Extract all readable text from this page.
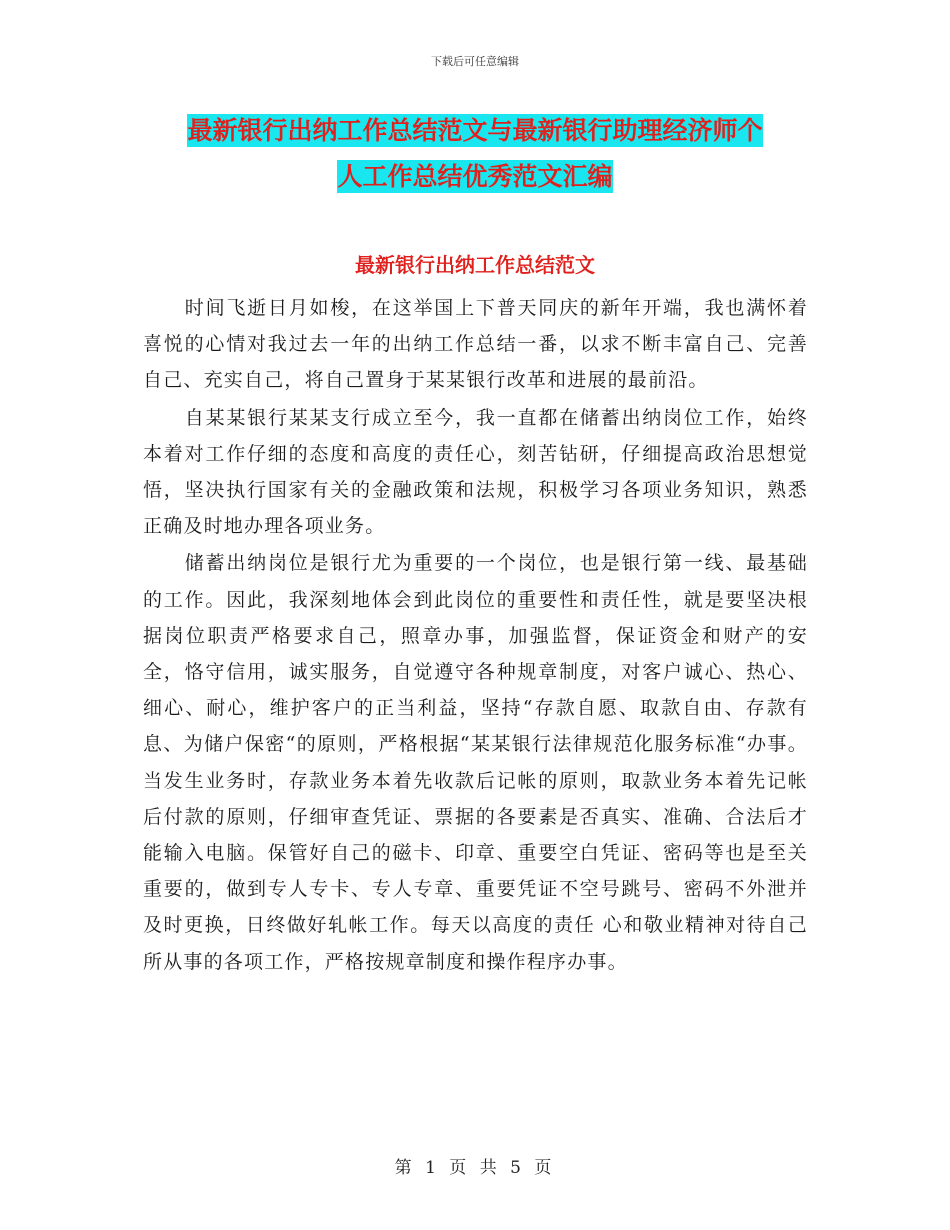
下载后可任意编辑
最新银行出纳工作总结范文与最新银行助理经济师个
人工作总结优秀范文汇编
最新银行出纳工作总结范文

时间飞逝日月如梭，在这举国上下普天同庆的新年开端，我也满怀着喜悦的心情对我过去一年的出纳工作总结一番，以求不断丰富自己、完善自己、充实自己，将自己置身于某某银行改革和进展的最前沿。

自某某银行某某支行成立至今，我一直都在储蓄出纳岗位工作，始终本着对工作仔细的态度和高度的责任心，刻苦钻研，仔细提高政治思想觉悟，坚决执行国家有关的金融政策和法规，积极学习各项业务知识，熟悉正确及时地办理各项业务。

储蓄出纳岗位是银行尤为重要的一个岗位，也是银行第一线、最基础的工作。因此，我深刻地体会到此岗位的重要性和责任性，就是要坚决根据岗位职责严格要求自己，照章办事，加强监督，保证资金和财产的安全，恪守信用，诚实服务，自觉遵守各种规章制度，对客户诚心、热心、细心、耐心，维护客户的正当利益，坚持“存款自愿、取款自由、存款有息、为储户保密“的原则，严格根据“某某银行法律规范化服务标准“办事。当发生业务时，存款业务本着先收款后记帐的原则，取款业务本着先记帐后付款的原则，仔细审查凭证、票据的各要素是否真实、准确、合法后才能输入电脑。保管好自己的磁卡、印章、重要空白凭证、密码等也是至关重要的，做到专人专卡、专人专章、重要凭证不空号跳号、密码不外泄并及时更换，日终做好轧帐工作。每天以高度的责任 心和敬业精神对待自己所从事的各项工作，严格按规章制度和操作程序办事。

第 1 页 共 5 页
